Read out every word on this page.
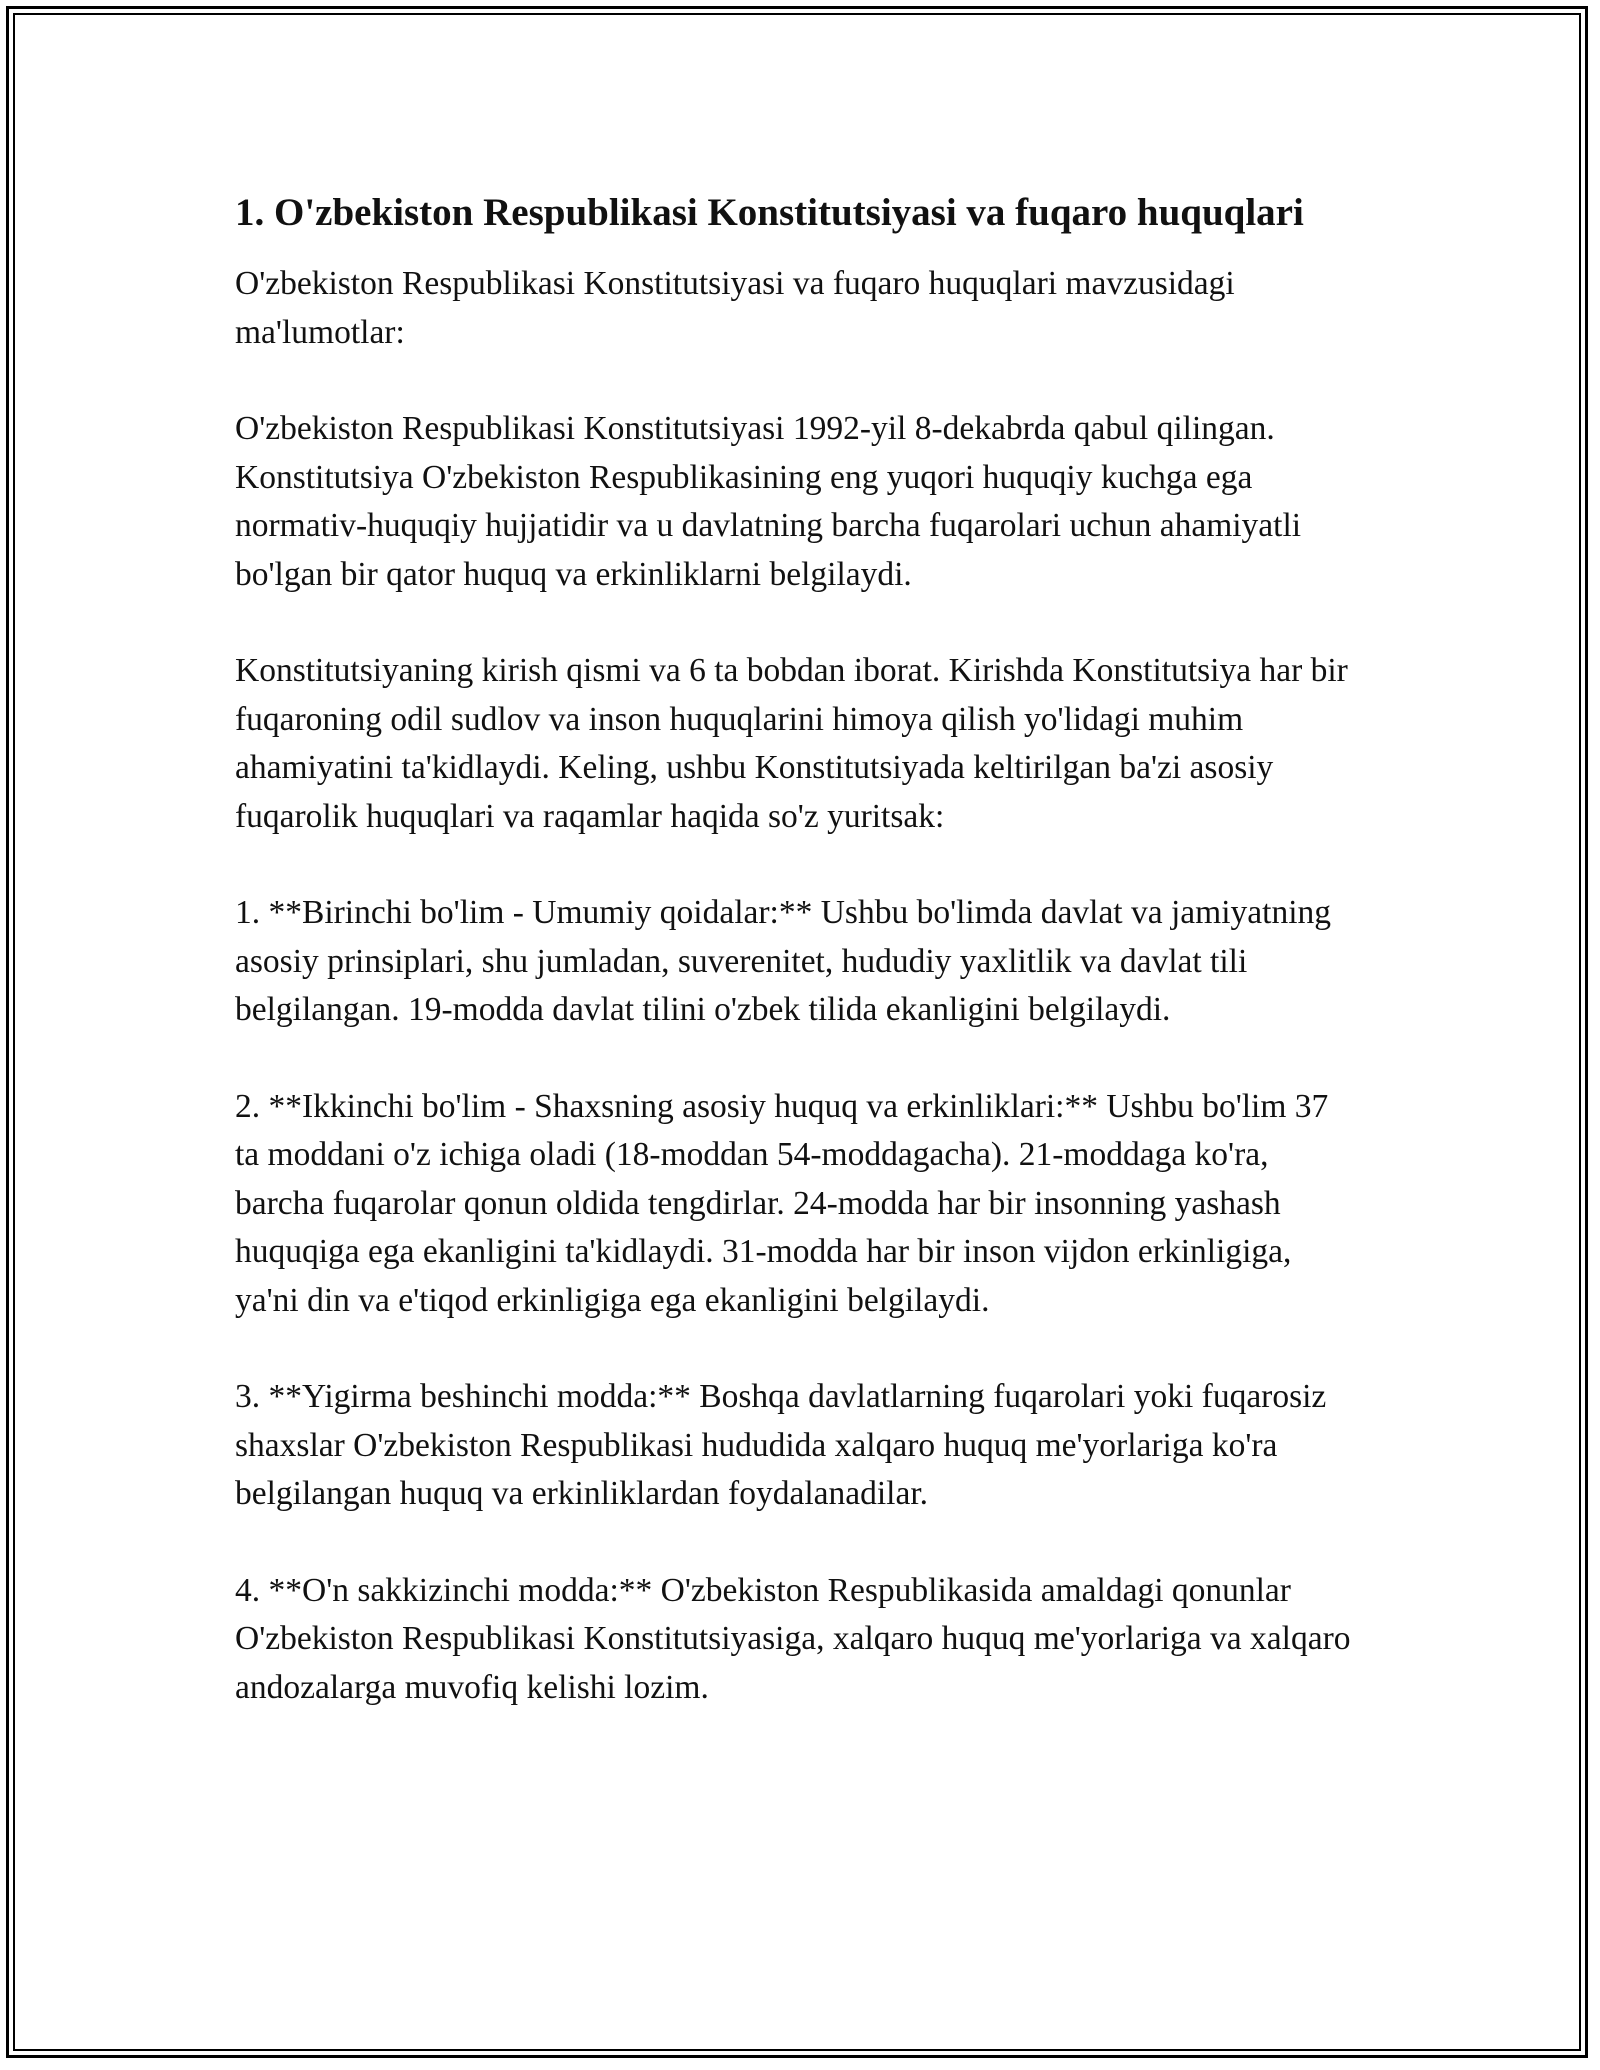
1. O'zbekiston Respublikasi Konstitutsiyasi va fuqaro huquqlari

O'zbekiston Respublikasi Konstitutsiyasi va fuqaro huquqlari mavzusidagi ma'lumotlar:

O'zbekiston Respublikasi Konstitutsiyasi 1992-yil 8-dekabrda qabul qilingan. Konstitutsiya O'zbekiston Respublikasining eng yuqori huquqiy kuchga ega normativ-huquqiy hujjatidir va u davlatning barcha fuqarolari uchun ahamiyatli bo'lgan bir qator huquq va erkinliklarni belgilaydi.

Konstitutsiyaning kirish qismi va 6 ta bobdan iborat. Kirishda Konstitutsiya har bir fuqaroning odil sudlov va inson huquqlarini himoya qilish yo'lidagi muhim ahamiyatini ta'kidlaydi. Keling, ushbu Konstitutsiyada keltirilgan ba'zi asosiy fuqarolik huquqlari va raqamlar haqida so'z yuritsak:

1. **Birinchi bo'lim - Umumiy qoidalar:** Ushbu bo'limda davlat va jamiyatning asosiy prinsiplari, shu jumladan, suverenitet, hududiy yaxlitlik va davlat tili belgilangan. 19-modda davlat tilini o'zbek tilida ekanligini belgilaydi.

2. **Ikkinchi bo'lim - Shaxsning asosiy huquq va erkinliklari:** Ushbu bo'lim 37 ta moddani o'z ichiga oladi (18-moddan 54-moddagacha). 21-moddaga ko'ra, barcha fuqarolar qonun oldida tengdirlar. 24-modda har bir insonning yashash huquqiga ega ekanligini ta'kidlaydi. 31-modda har bir inson vijdon erkinligiga, ya'ni din va e'tiqod erkinligiga ega ekanligini belgilaydi.

3. **Yigirma beshinchi modda:** Boshqa davlatlarning fuqarolari yoki fuqarosiz shaxslar O'zbekiston Respublikasi hududida xalqaro huquq me'yorlariga ko'ra belgilangan huquq va erkinliklardan foydalanadilar.

4. **O'n sakkizinchi modda:** O'zbekiston Respublikasida amaldagi qonunlar O'zbekiston Respublikasi Konstitutsiyasiga, xalqaro huquq me'yorlariga va xalqaro andozalarga muvofiq kelishi lozim.
